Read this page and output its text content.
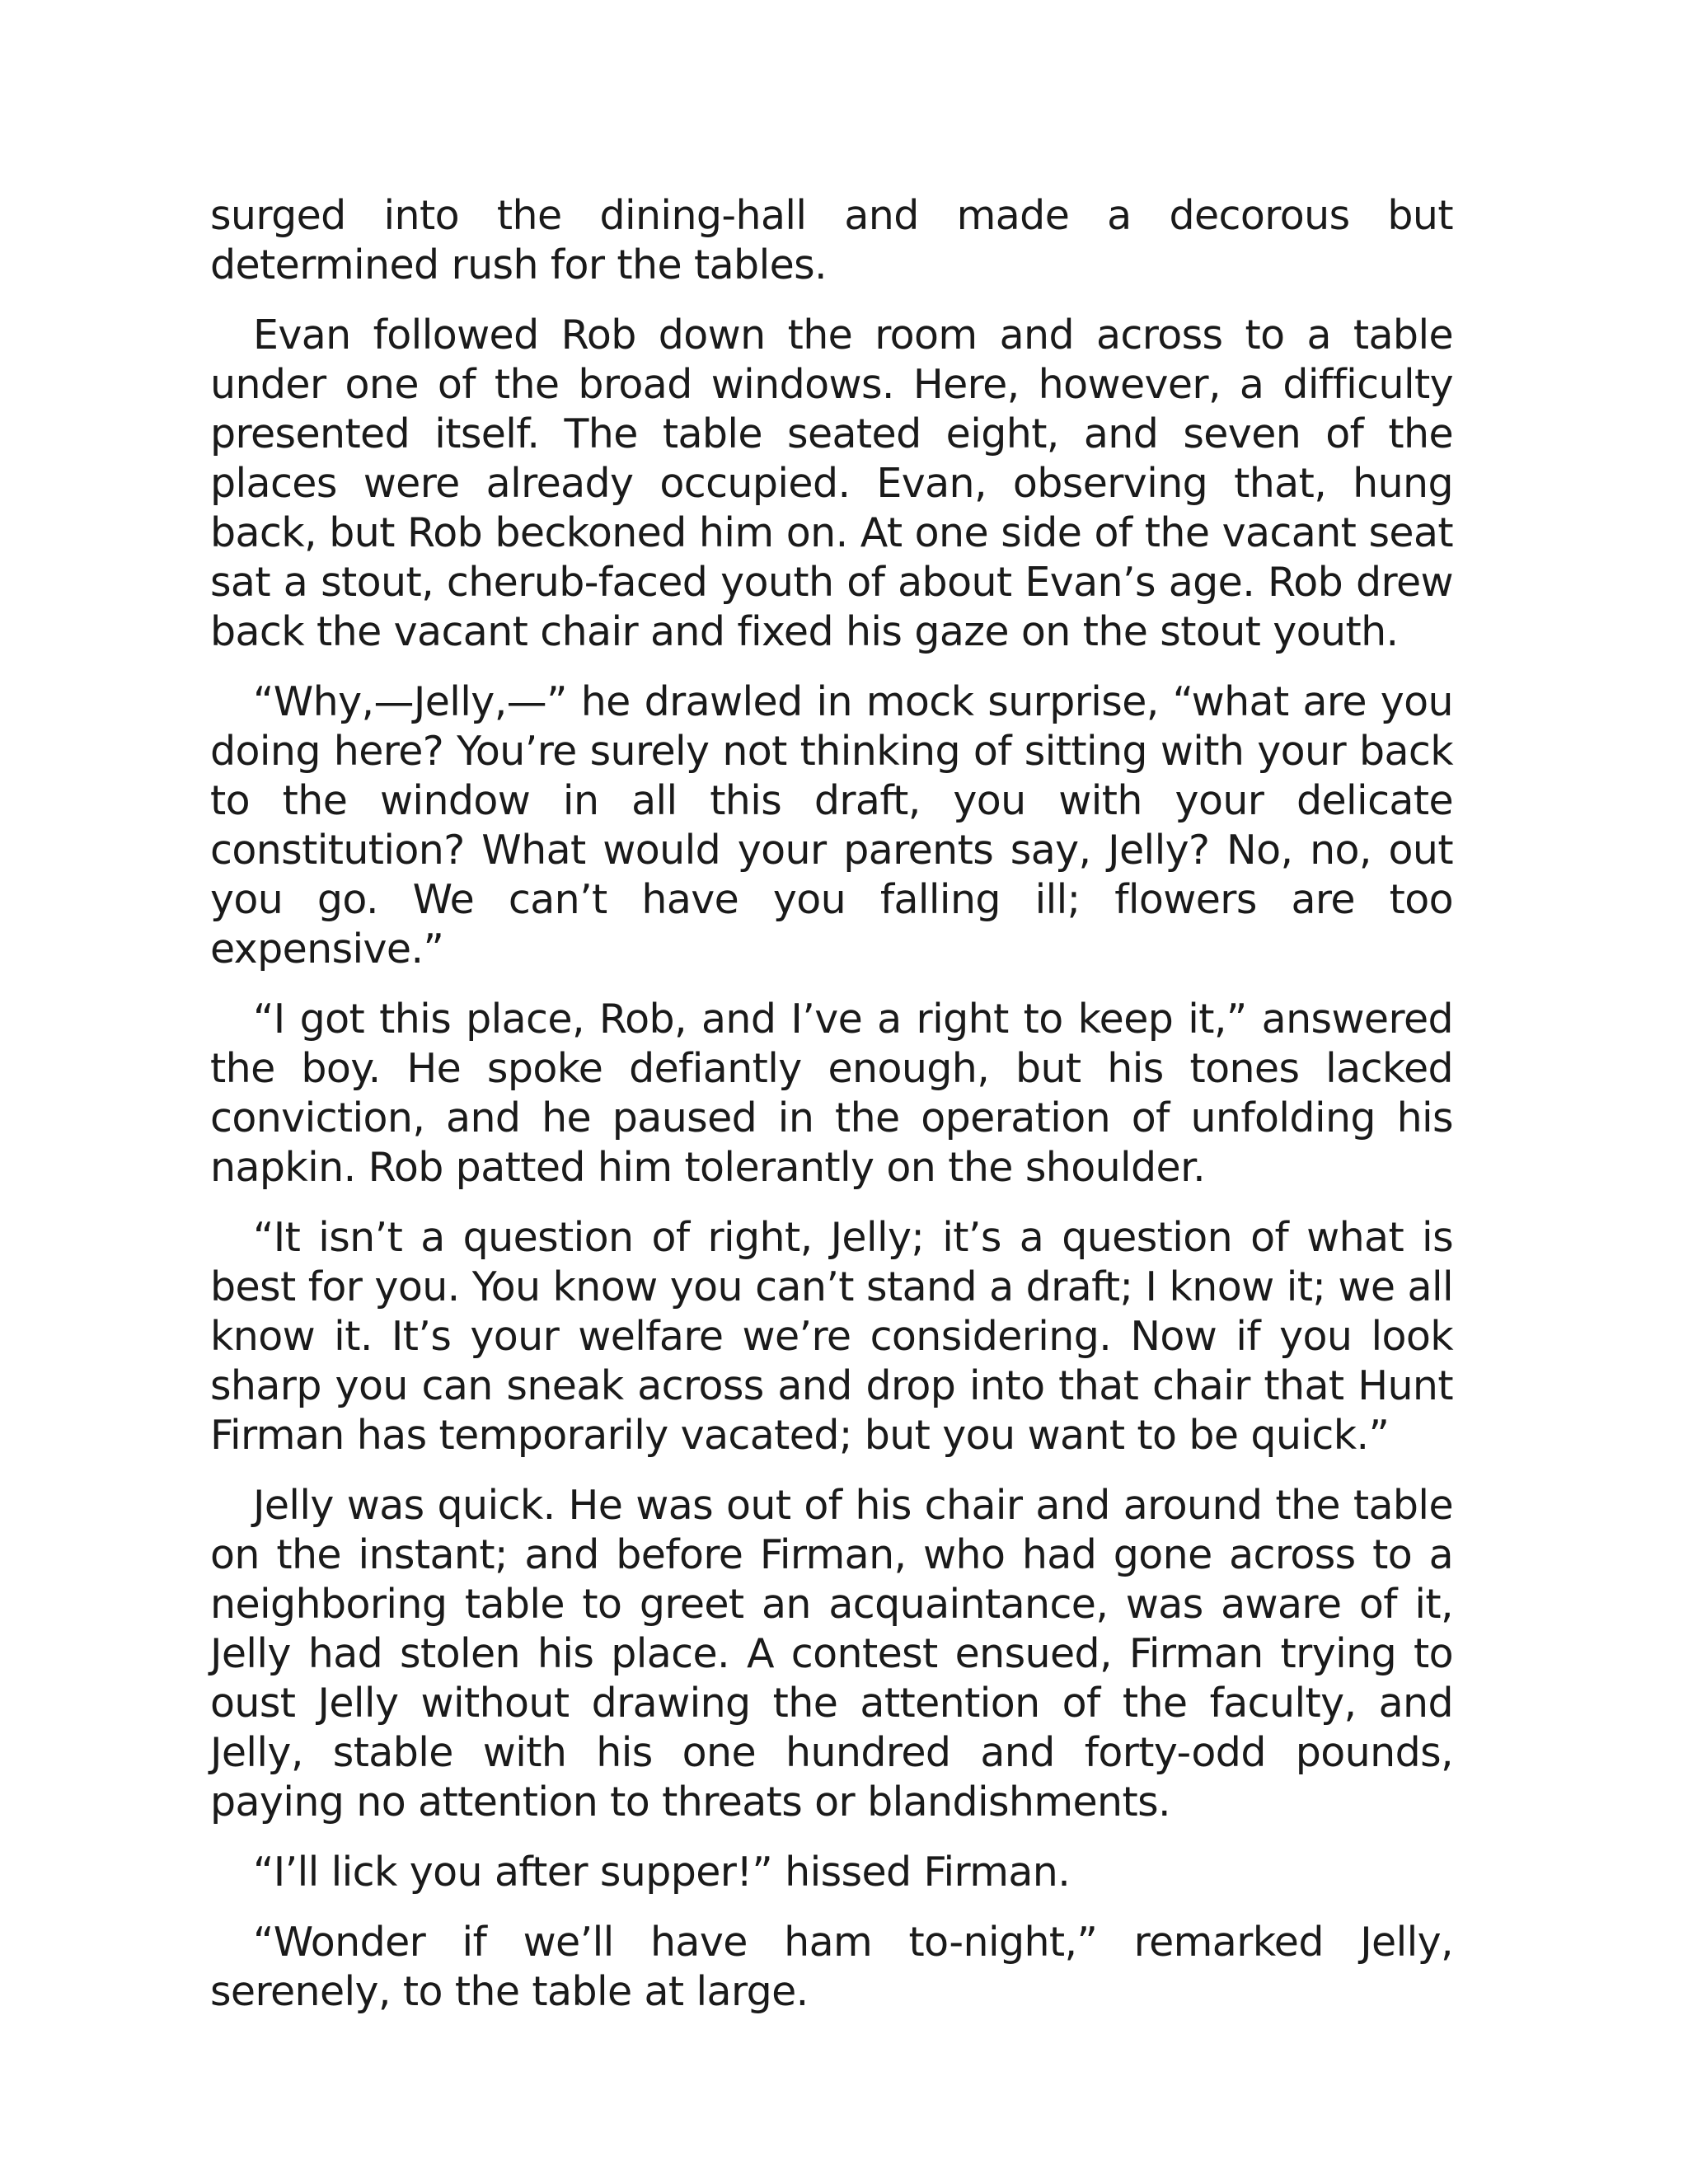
surged into the dining-hall and made a decorous but determined rush for the tables.

Evan followed Rob down the room and across to a table under one of the broad windows. Here, however, a difficulty presented itself. The table seated eight, and seven of the places were already occupied. Evan, observing that, hung back, but Rob beckoned him on. At one side of the vacant seat sat a stout, cherub-faced youth of about Evan’s age. Rob drew back the vacant chair and fixed his gaze on the stout youth.

“Why,—Jelly,—” he drawled in mock surprise, “what are you doing here? You’re surely not thinking of sitting with your back to the window in all this draft, you with your delicate constitution? What would your parents say, Jelly? No, no, out you go. We can’t have you falling ill; flowers are too expensive.”

“I got this place, Rob, and I’ve a right to keep it,” answered the boy. He spoke defiantly enough, but his tones lacked conviction, and he paused in the operation of unfolding his napkin. Rob patted him tolerantly on the shoulder.

“It isn’t a question of right, Jelly; it’s a question of what is best for you. You know you can’t stand a draft; I know it; we all know it. It’s your welfare we’re considering. Now if you look sharp you can sneak across and drop into that chair that Hunt Firman has temporarily vacated; but you want to be quick.”

Jelly was quick. He was out of his chair and around the table on the instant; and before Firman, who had gone across to a neighboring table to greet an acquaintance, was aware of it, Jelly had stolen his place. A contest ensued, Firman trying to oust Jelly without drawing the attention of the faculty, and Jelly, stable with his one hundred and forty-odd pounds, paying no attention to threats or blandishments.

“I’ll lick you after supper!” hissed Firman.

“Wonder if we’ll have ham to-night,” remarked Jelly, serenely, to the table at large.
